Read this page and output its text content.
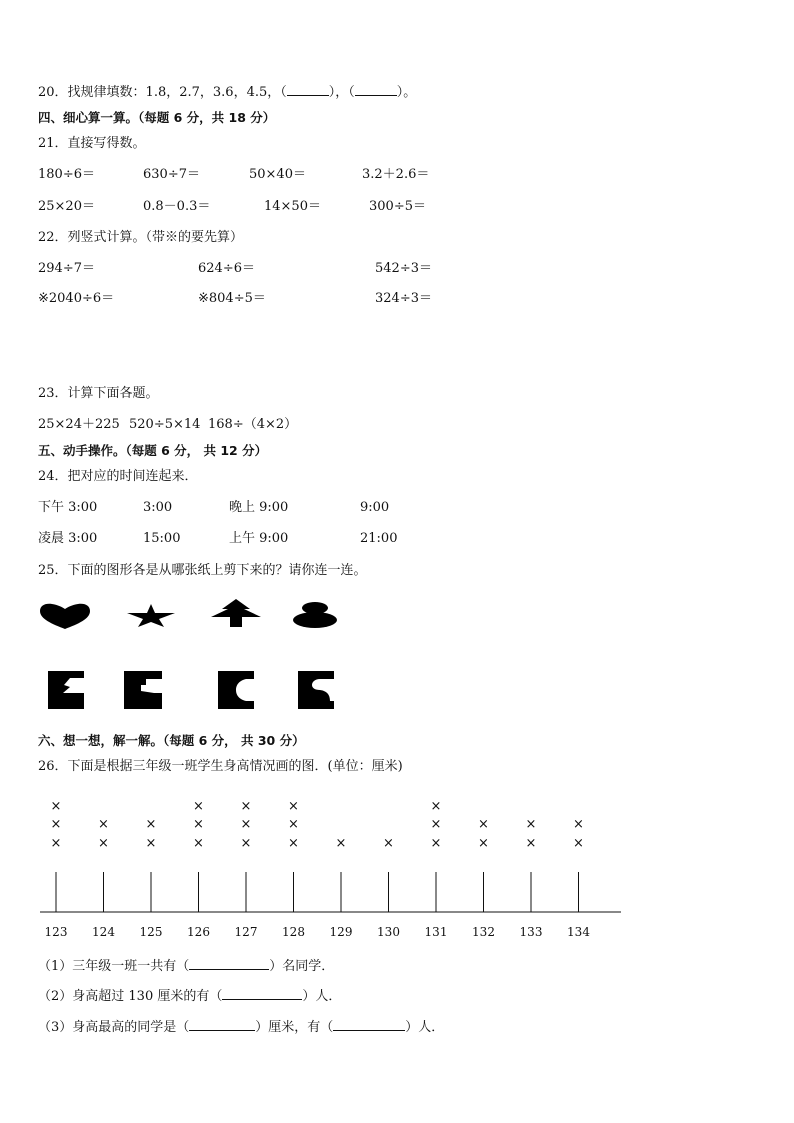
20．找规律填数：1.8，2.7，3.6，4.5，（	），（	）。
四、细心算一算。（每题 6 分，共 18 分）
21．直接写得数。
180÷6＝	630÷7＝	50×40＝	3.2＋2.6＝
25×20＝	0.8－0.3＝	14×50＝	300÷5＝
22．列竖式计算。（带※的要先算）
294÷7＝	624÷6＝	542÷3＝
※2040÷6＝	※804÷5＝	324÷3＝
23．计算下面各题。
25×24＋225 520÷5×14 168÷（4×2）
五、动手操作。（每题 6 分， 共 12 分）
24．把对应的时间连起来．
下午 3:00	3:00	晚上 9:00	9:00
凌晨 3:00	15:00	上午 9:00	21:00
25．下面的图形各是从哪张纸上剪下来的？请你连一连。
六、想一想，解一解。（每题 6 分， 共 30 分）
26．下面是根据三年级一班学生身高情况画的图．(单位：厘米)
123
×
×
×
124
×
×
125
×
×
126
×
×
×
127
×
×
×
128
×
×
×
129
×
130
×
131
×
×
×
132
×
×
133
×
×
134
×
×
（1）三年级一班一共有（	）名同学．
（2）身高超过 130 厘米的有（	）人．
（3）身高最高的同学是（	）厘米，有（	）人．
